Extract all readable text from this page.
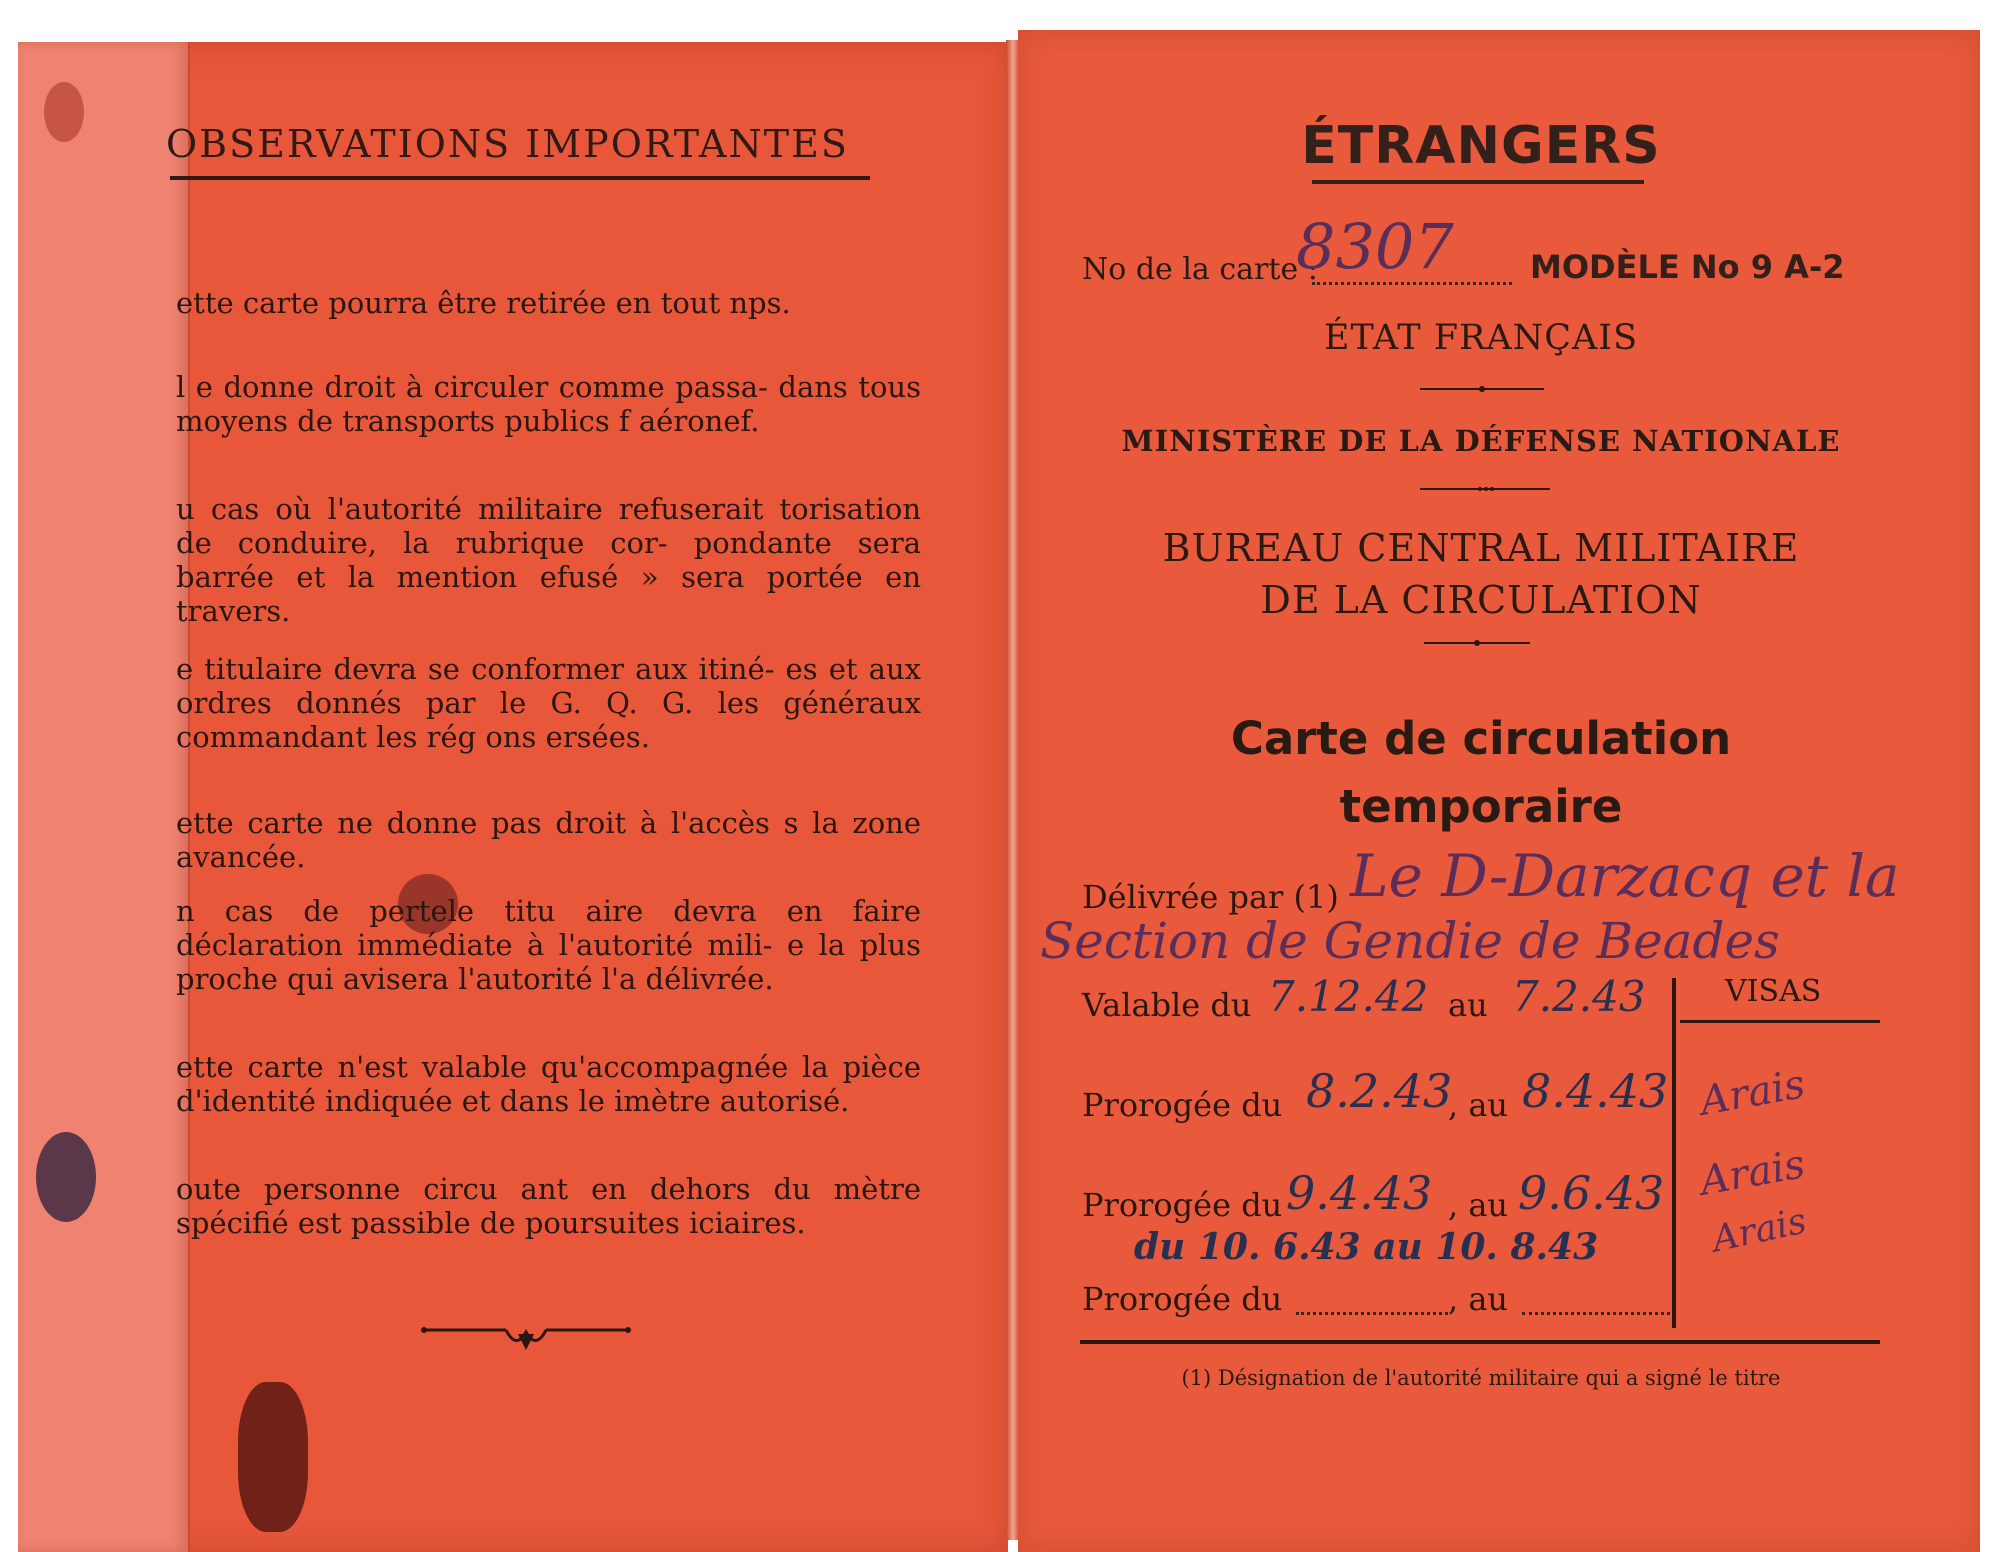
OBSERVATIONS IMPORTANTES
ette carte pourra être retirée en tout nps.
l e donne droit à circuler comme passa- dans tous moyens de transports publics f aéronef.
u cas où l'autorité militaire refuserait torisation de conduire, la rubrique cor- pondante sera barrée et la mention efusé » sera portée en travers.
e titulaire devra se conformer aux itiné- es et aux ordres donnés par le G. Q. G. les généraux commandant les rég ons ersées.
ette carte ne donne pas droit à l'accès s la zone avancée.
n cas de pertele titu aire devra en faire déclaration immédiate à l'autorité mili- e la plus proche qui avisera l'autorité l'a délivrée.
ette carte n'est valable qu'accompagnée la pièce d'identité indiquée et dans le imètre autorisé.
oute personne circu ant en dehors du mètre spécifié est passible de poursuites iciaires.
ÉTRANGERS
No de la carte :
8307 MODÈLE No 9 A-2
ÉTAT FRANÇAIS
MINISTÈRE DE LA DÉFENSE NATIONALE
BUREAU CENTRAL MILITAIRE
DE LA CIRCULATION
Carte de circulation
temporaire
Délivrée par (1) Le D-Darzacq et la
Section de Gendie de Beades
Valable du 7.12.42 au 7.2.43	VISAS
Prorogée du 8.2.43
, au 8.4.43
Prorogée du 9.4.43 , au 9.6.43
du 10. 6.43 au 10. 8.43
Prorogée du	, au
Arais
Arais
Arais
(1) Désignation de l'autorité militaire qui a signé le titre
